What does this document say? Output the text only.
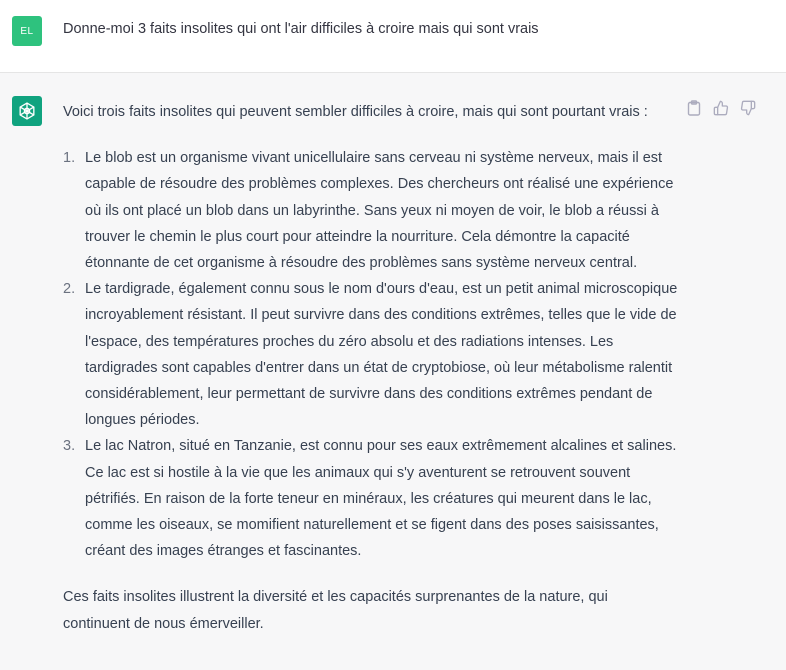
EL	Donne-moi 3 faits insolites qui ont l'air difficiles à croire mais qui sont vrais

Voici trois faits insolites qui peuvent sembler difficiles à croire, mais qui sont pourtant vrais :

1. Le blob est un organisme vivant unicellulaire sans cerveau ni système nerveux, mais il est capable de résoudre des problèmes complexes. Des chercheurs ont réalisé une expérience où ils ont placé un blob dans un labyrinthe. Sans yeux ni moyen de voir, le blob a réussi à trouver le chemin le plus court pour atteindre la nourriture. Cela démontre la capacité étonnante de cet organisme à résoudre des problèmes sans système nerveux central.
2. Le tardigrade, également connu sous le nom d'ours d'eau, est un petit animal microscopique incroyablement résistant. Il peut survivre dans des conditions extrêmes, telles que le vide de l'espace, des températures proches du zéro absolu et des radiations intenses. Les tardigrades sont capables d'entrer dans un état de cryptobiose, où leur métabolisme ralentit considérablement, leur permettant de survivre dans des conditions extrêmes pendant de longues périodes.
3. Le lac Natron, situé en Tanzanie, est connu pour ses eaux extrêmement alcalines et salines. Ce lac est si hostile à la vie que les animaux qui s'y aventurent se retrouvent souvent pétrifiés. En raison de la forte teneur en minéraux, les créatures qui meurent dans le lac, comme les oiseaux, se momifient naturellement et se figent dans des poses saisissantes, créant des images étranges et fascinantes.

Ces faits insolites illustrent la diversité et les capacités surprenantes de la nature, qui continuent de nous émerveiller.
